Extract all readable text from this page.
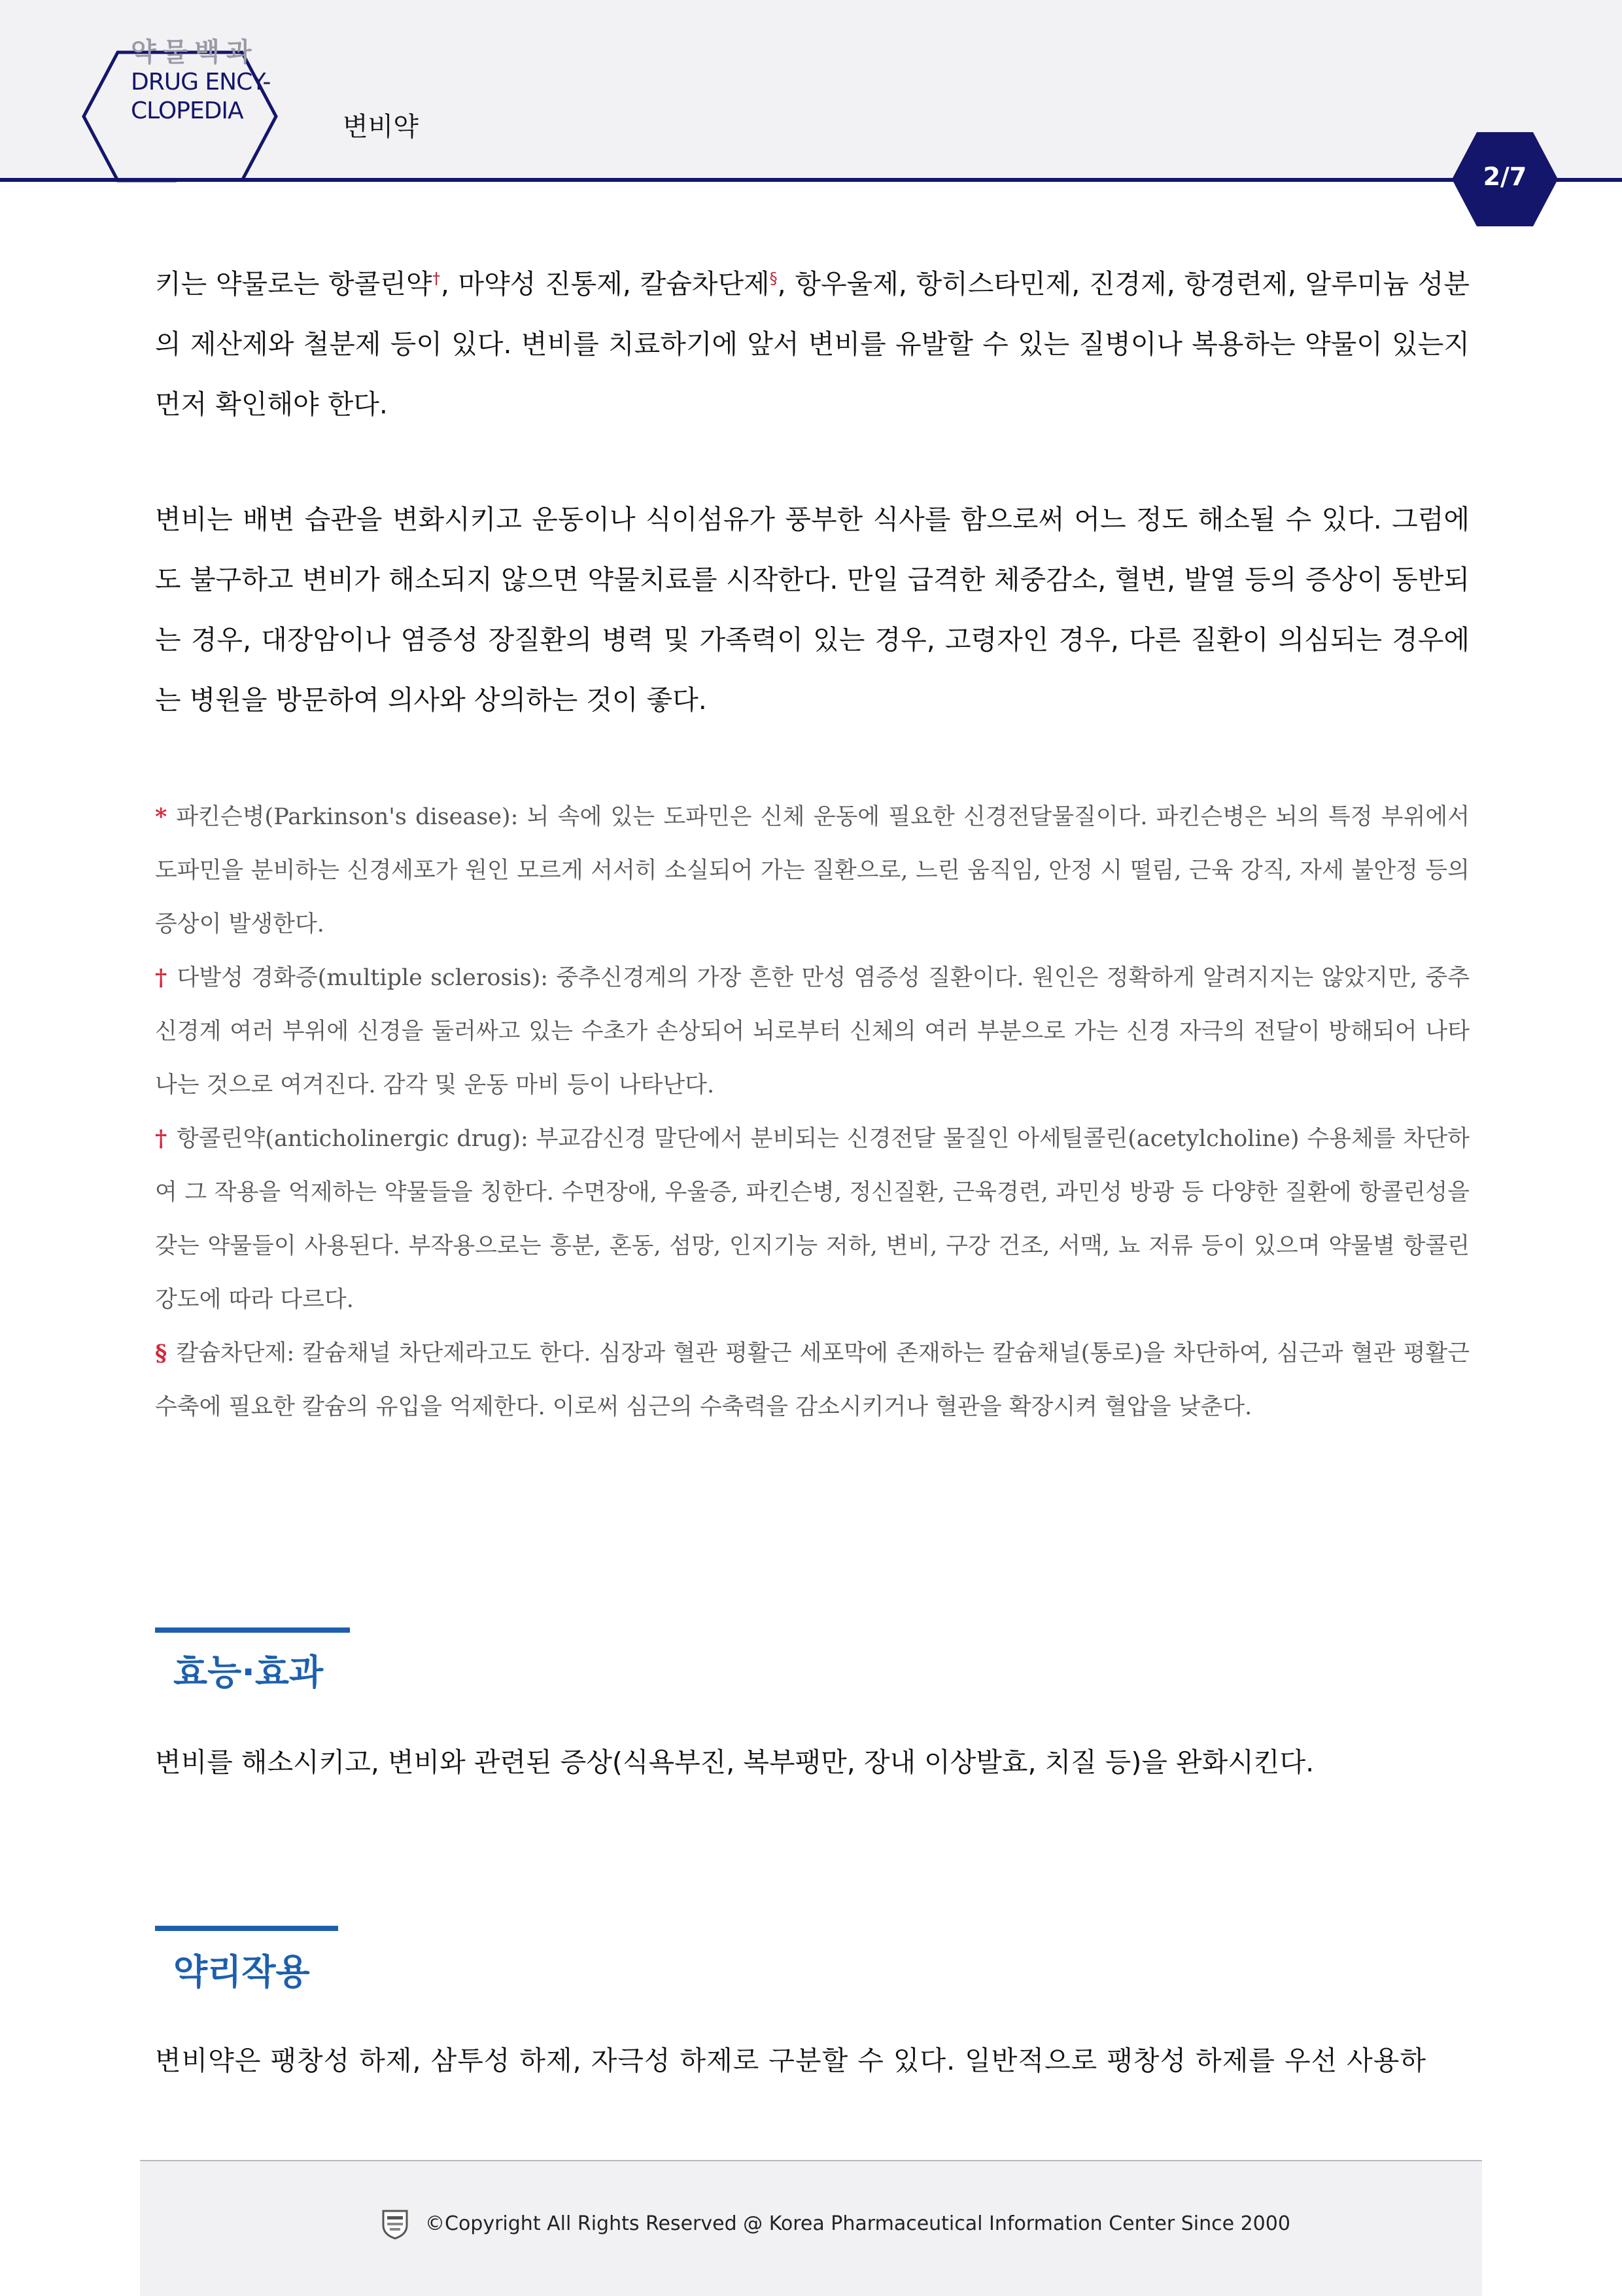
약물백과
DRUG ENCY-
CLOPEDIA
변비약
2/7

키는 약물로는 항콜린약†, 마약성 진통제, 칼슘차단제§, 항우울제, 항히스타민제, 진경제, 항경련제, 알루미늄 성분의 제산제와 철분제 등이 있다. 변비를 치료하기에 앞서 변비를 유발할 수 있는 질병이나 복용하는 약물이 있는지 먼저 확인해야 한다.

변비는 배변 습관을 변화시키고 운동이나 식이섬유가 풍부한 식사를 함으로써 어느 정도 해소될 수 있다. 그럼에도 불구하고 변비가 해소되지 않으면 약물치료를 시작한다. 만일 급격한 체중감소, 혈변, 발열 등의 증상이 동반되는 경우, 대장암이나 염증성 장질환의 병력 및 가족력이 있는 경우, 고령자인 경우, 다른 질환이 의심되는 경우에는 병원을 방문하여 의사와 상의하는 것이 좋다.

* 파킨슨병(Parkinson's disease): 뇌 속에 있는 도파민은 신체 운동에 필요한 신경전달물질이다. 파킨슨병은 뇌의 특정 부위에서 도파민을 분비하는 신경세포가 원인 모르게 서서히 소실되어 가는 질환으로, 느린 움직임, 안정 시 떨림, 근육 강직, 자세 불안정 등의 증상이 발생한다.

† 다발성 경화증(multiple sclerosis): 중추신경계의 가장 흔한 만성 염증성 질환이다. 원인은 정확하게 알려지지는 않았지만, 중추신경계 여러 부위에 신경을 둘러싸고 있는 수초가 손상되어 뇌로부터 신체의 여러 부분으로 가는 신경 자극의 전달이 방해되어 나타나는 것으로 여겨진다. 감각 및 운동 마비 등이 나타난다.

† 항콜린약(anticholinergic drug): 부교감신경 말단에서 분비되는 신경전달 물질인 아세틸콜린(acetylcholine) 수용체를 차단하여 그 작용을 억제하는 약물들을 칭한다. 수면장애, 우울증, 파킨슨병, 정신질환, 근육경련, 과민성 방광 등 다양한 질환에 항콜린성을 갖는 약물들이 사용된다. 부작용으로는 흥분, 혼동, 섬망, 인지기능 저하, 변비, 구강 건조, 서맥, 뇨 저류 등이 있으며 약물별 항콜린 강도에 따라 다르다.

§ 칼슘차단제: 칼슘채널 차단제라고도 한다. 심장과 혈관 평활근 세포막에 존재하는 칼슘채널(통로)을 차단하여, 심근과 혈관 평활근 수축에 필요한 칼슘의 유입을 억제한다. 이로써 심근의 수축력을 감소시키거나 혈관을 확장시켜 혈압을 낮춘다.

효능·효과

변비를 해소시키고, 변비와 관련된 증상(식욕부진, 복부팽만, 장내 이상발효, 치질 등)을 완화시킨다.

약리작용

변비약은 팽창성 하제, 삼투성 하제, 자극성 하제로 구분할 수 있다. 일반적으로 팽창성 하제를 우선 사용하

©Copyright All Rights Reserved @ Korea Pharmaceutical Information Center Since 2000
